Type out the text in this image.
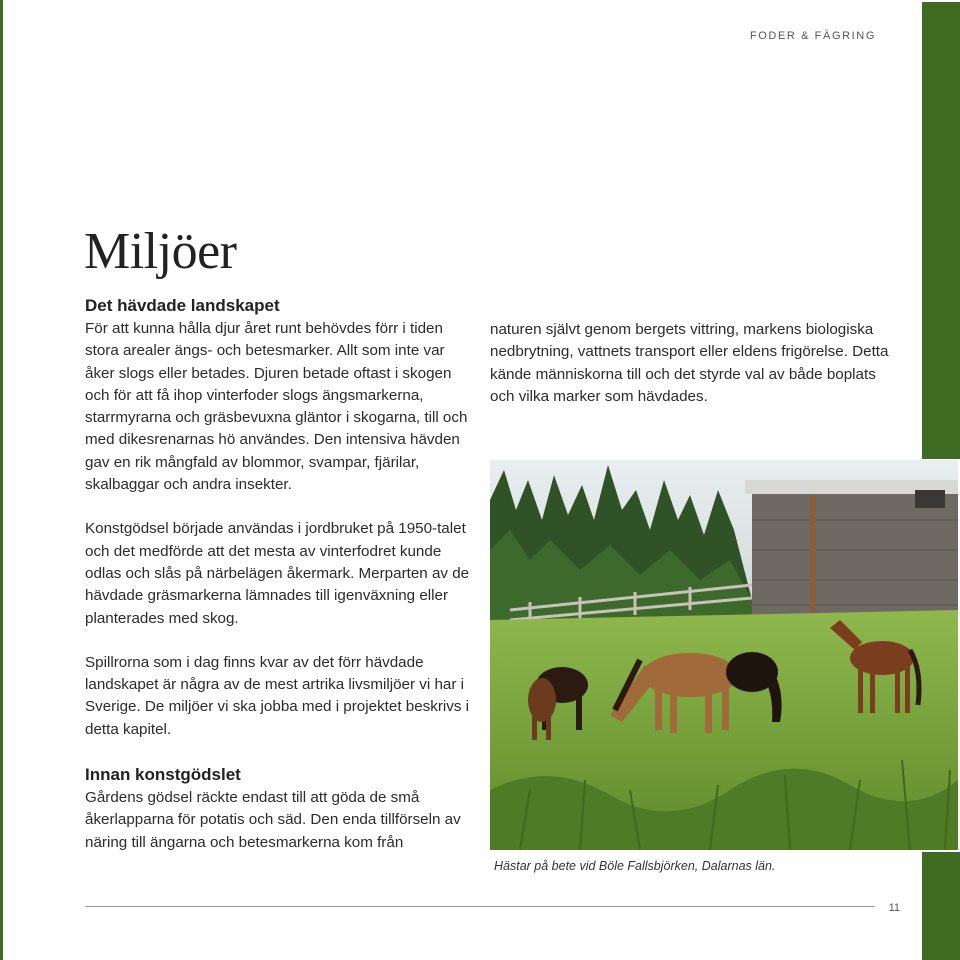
FODER & FÄGRING
Miljöer
Det hävdade landskapet

För att kunna hålla djur året runt behövdes förr i tiden stora arealer ängs- och betesmarker. Allt som inte var åker slogs eller betades. Djuren betade oftast i skogen och för att få ihop vinterfoder slogs ängsmarkerna, starrmyrarna och gräsbevuxna gläntor i skogarna, till och med dikesrenarnas hö användes. Den intensiva hävden gav en rik mångfald av blommor, svampar, fjärilar, skalbaggar och andra insekter.

Konstgödsel började användas i jordbruket på 1950-talet och det medförde att det mesta av vinterfodret kunde odlas och slås på närbelägen åkermark. Merparten av de hävdade gräsmarkerna lämnades till igenväxning eller planterades med skog.

Spillrorna som i dag finns kvar av det förr hävdade landskapet är några av de mest artrika livsmiljöer vi har i Sverige. De miljöer vi ska jobba med i projektet beskrivs i detta kapitel.

Innan konstgödslet

Gårdens gödsel räckte endast till att göda de små åkerlapparna för potatis och säd. Den enda tillförseln av näring till ängarna och betesmarkerna kom från

naturen självt genom bergets vittring, markens biologiska nedbrytning, vattnets transport eller eldens frigörelse. Detta kände människorna till och det styrde val av både boplats och vilka marker som hävdades.

Hästar på bete vid Böle Fallsbjörken, Dalarnas län.
11
